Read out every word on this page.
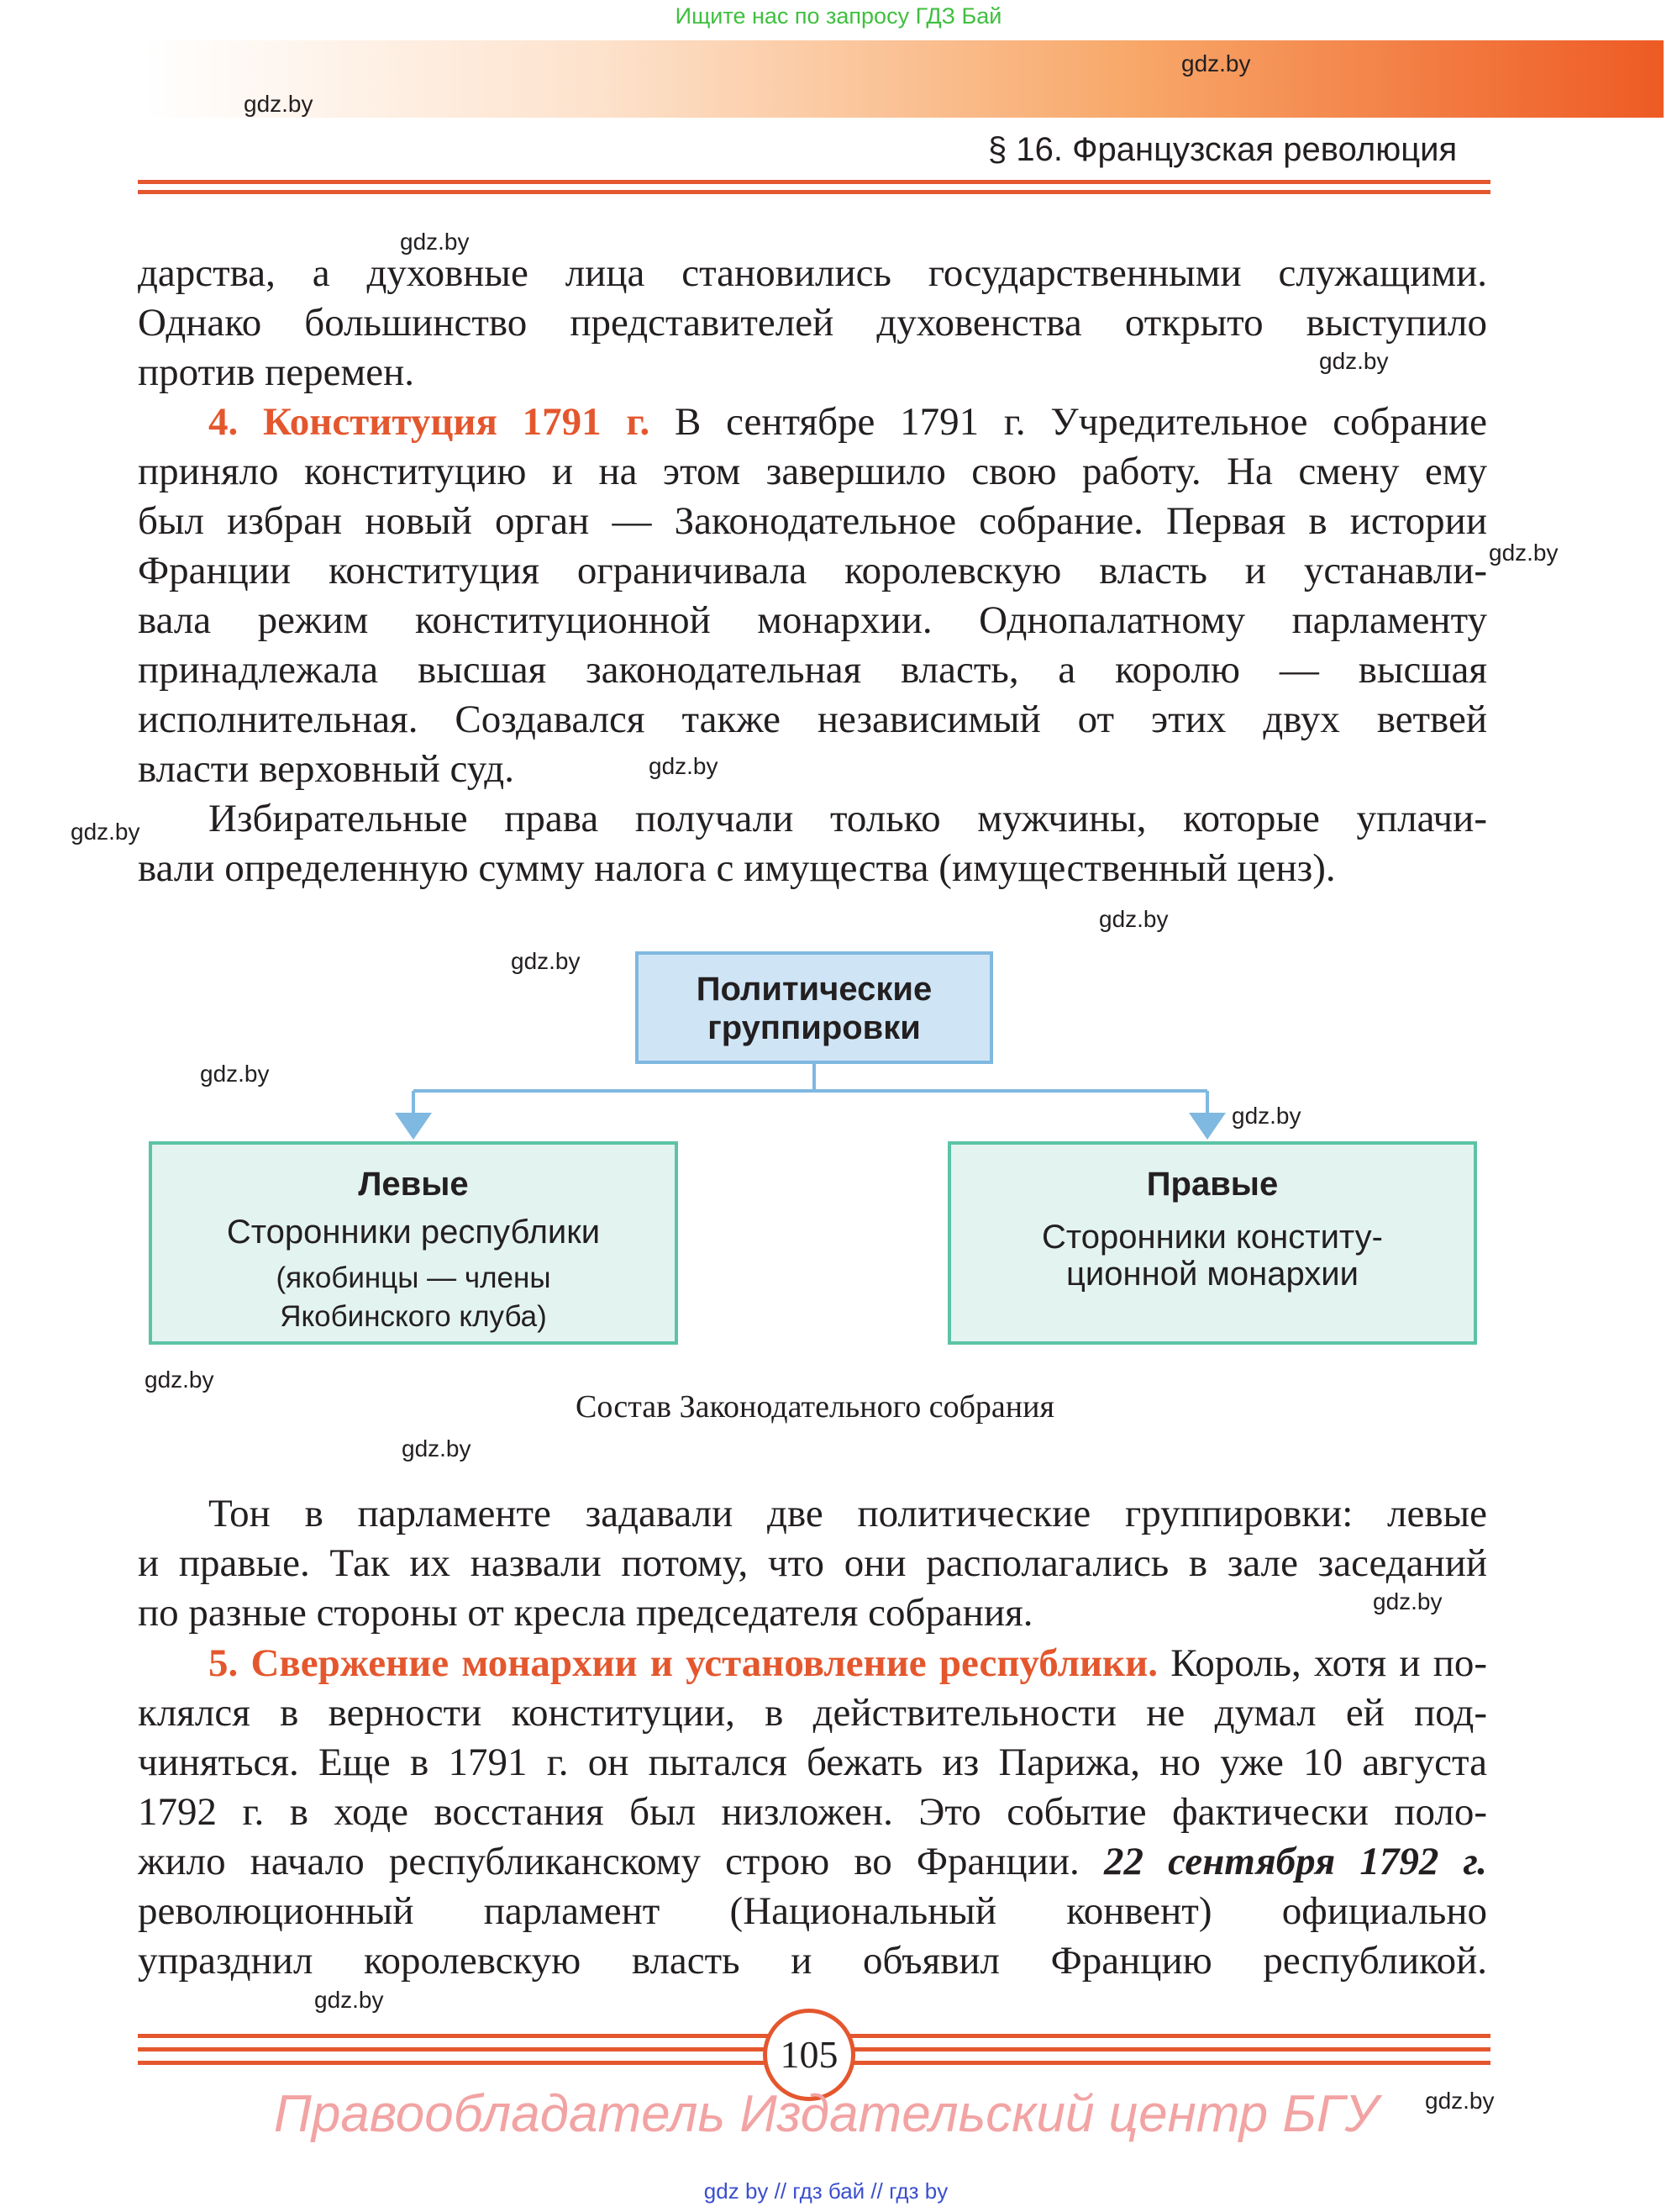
Ищите нас по запросу ГДЗ Бай
§ 16. Французская революция
gdz.by
gdz.by
gdz.by
gdz.by
gdz.by
gdz.by
gdz.by
gdz.by
gdz.by
gdz.by
gdz.by
gdz.by
gdz.by
gdz.by
gdz.by
gdz.by
дарства, а духовные лица становились государственными служащими.
Однако большинство представителей духовенства открыто выступило
против перемен.
4. Конституция 1791 г. В сентябре 1791 г. Учредительное собрание
приняло конституцию и на этом завершило свою работу. На смену ему
был избран новый орган — Законодательное собрание. Первая в истории
Франции конституция ограничивала королевскую власть и устанавли-
вала режим конституционной монархии. Однопалатному парламенту
принадлежала высшая законодательная власть, а королю — высшая
исполнительная. Создавался также независимый от этих двух ветвей
власти верховный суд.
Избирательные права получали только мужчины, которые уплачи-
вали определенную сумму налога с имущества (имущественный ценз).
Политические
группировки
Левые
Сторонники республики
(якобинцы — члены
Якобинского клуба)
Правые
Сторонники конститу-
ционной монархии
Состав Законодательного собрания
Тон в парламенте задавали две политические группировки: левые
и правые. Так их назвали потому, что они располагались в зале заседаний
по разные стороны от кресла председателя собрания.
5. Свержение монархии и установление республики. Король, хотя и по-
клялся в верности конституции, в действительности не думал ей под-
чиняться. Еще в 1791 г. он пытался бежать из Парижа, но уже 10 августа
1792 г. в ходе восстания был низложен. Это событие фактически поло-
жило начало республиканскому строю во Франции. 22 сентября 1792 г.
революционный парламент (Национальный конвент) официально
упразднил королевскую власть и объявил Францию республикой.
105
Правообладатель Издательский центр БГУ
gdz by // гдз бай // гдз by
